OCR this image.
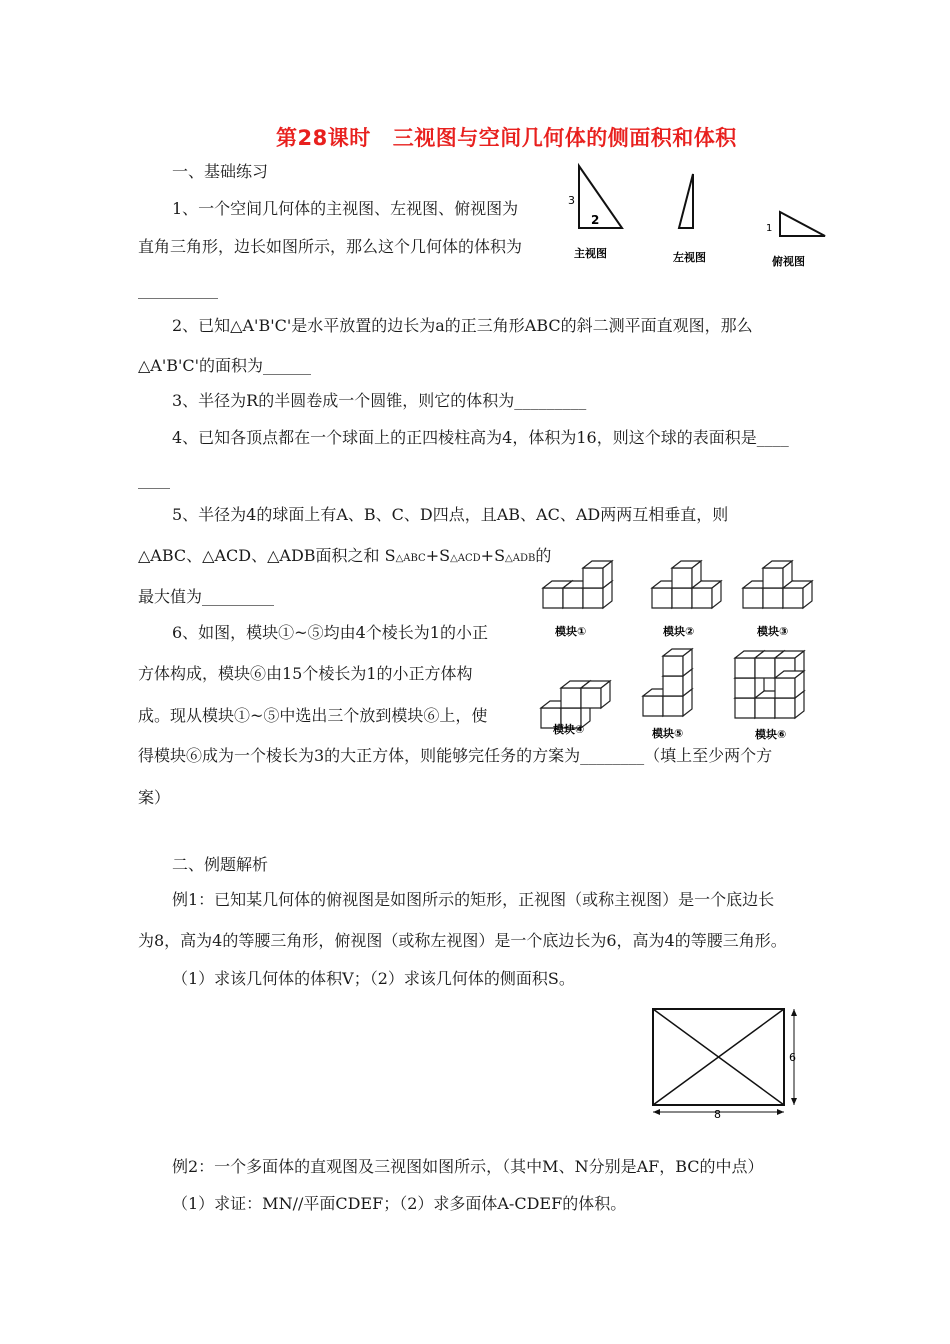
第28课时 三视图与空间几何体的侧面积和体积
一、基础练习
1、一个空间几何体的主视图、左视图、俯视图为
直角三角形，边长如图所示，那么这个几何体的体积为
__________
3
2
主视图	左视图
1
俯视图
2、已知△A'B'C'是水平放置的边长为a的正三角形ABC的斜二测平面直观图，那么
△A'B'C'的面积为______
3、半径为R的半圆卷成一个圆锥，则它的体积为_________
4、已知各顶点都在一个球面上的正四棱柱高为4，体积为16，则这个球的表面积是____
____
5、半径为4的球面上有A、B、C、D四点，且AB、AC、AD两两互相垂直，则
△ABC、△ACD、△ADB面积之和 S△ABC+S△ACD+S△ADB的
最大值为_________
6、如图，模块①~⑤均由4个棱长为1的小正
方体构成，模块⑥由15个棱长为1的小正方体构
成。现从模块①~⑤中选出三个放到模块⑥上，使
得模块⑥成为一个棱长为3的大正方体，则能够完任务的方案为________（填上至少两个方
案）
模块①	模块②	模块③
模块④	模块⑤	模块⑥
二、例题解析
例1：已知某几何体的俯视图是如图所示的矩形，正视图（或称主视图）是一个底边长
为8，高为4的等腰三角形，俯视图（或称左视图）是一个底边长为6，高为4的等腰三角形。
（1）求该几何体的体积V；（2）求该几何体的侧面积S。
6
8
例2：一个多面体的直观图及三视图如图所示，（其中M、N分别是AF，BC的中点）
（1）求证：MN//平面CDEF；（2）求多面体A-CDEF的体积。
